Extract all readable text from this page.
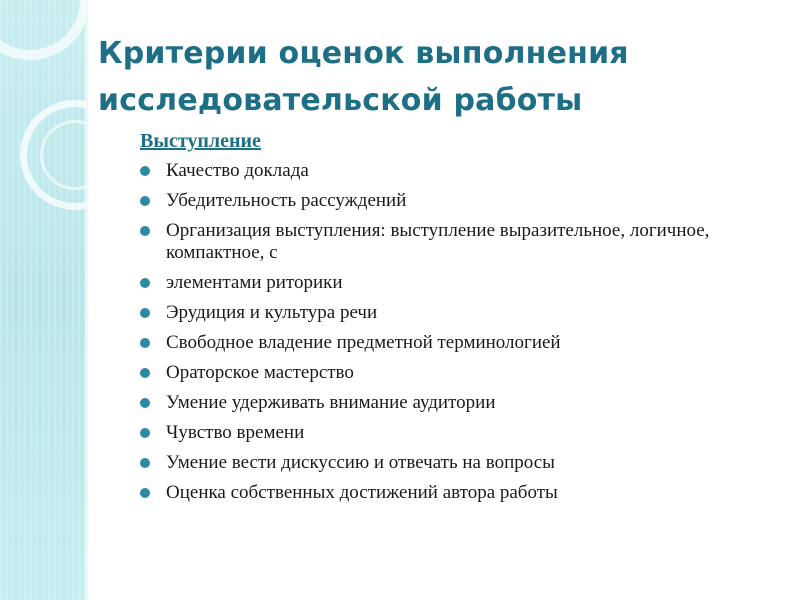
Критерии оценок выполнения
исследовательской работы
Выступление
Качество доклада
Убедительность рассуждений
Организация выступления: выступление выразительное, логичное, компактное, с
элементами риторики
Эрудиция и культура речи
Свободное владение предметной терминологией
Ораторское мастерство
Умение удерживать внимание аудитории
Чувство времени
Умение вести дискуссию и отвечать на вопросы
Оценка собственных достижений автора работы
